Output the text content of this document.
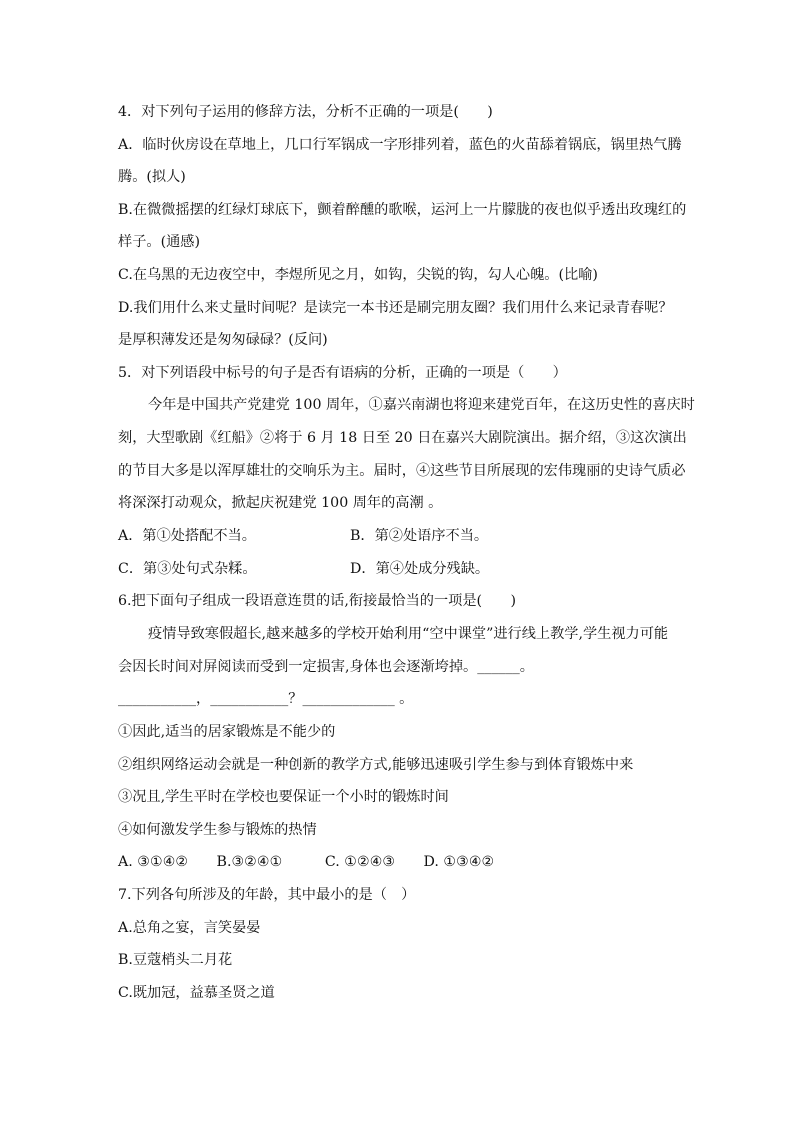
4．对下列句子运用的修辞方法，分析不正确的一项是(　　)
A．临时伙房设在草地上，几口行军锅成一字形排列着，蓝色的火苗舔着锅底，锅里热气腾
腾。(拟人)
B.在微微摇摆的红绿灯球底下，颤着醉醺的歌喉，运河上一片朦胧的夜也似乎透出玫瑰红的
样子。(通感)
C.在乌黑的无边夜空中，李煜所见之月，如钩，尖锐的钩，勾人心魄。(比喻)
D.我们用什么来丈量时间呢？是读完一本书还是刷完朋友圈？我们用什么来记录青春呢？
是厚积薄发还是匆匆碌碌？(反问)
5．对下列语段中标号的句子是否有语病的分析，正确的一项是（　　）
今年是中国共产党建党 100 周年，①嘉兴南湖也将迎来建党百年，在这历史性的喜庆时
刻，大型歌剧《红船》②将于 6 月 18 日至 20 日在嘉兴大剧院演出。据介绍，③这次演出
的节目大多是以浑厚雄壮的交响乐为主。届时，④这些节目所展现的宏伟瑰丽的史诗气质必
将深深打动观众，掀起庆祝建党 100 周年的高潮 。
A．第①处搭配不当。	B．第②处语序不当。
C．第③处句式杂糅。	D．第④处成分残缺。
6.把下面句子组成一段语意连贯的话,衔接最恰当的一项是(　　)
疫情导致寒假超长,越来越多的学校开始利用“空中课堂”进行线上教学,学生视力可能
会因长时间对屏阅读而受到一定损害,身体也会逐渐垮掉。______。
___________，___________？_____________ 。
①因此,适当的居家锻炼是不能少的
②组织网络运动会就是一种创新的教学方式,能够迅速吸引学生参与到体育锻炼中来
③况且,学生平时在学校也要保证一个小时的锻炼时间
④如何激发学生参与锻炼的热情
A. ③①④②　　B.③②④①　　　C. ①②④③　　D. ①③④②
7.下列各句所涉及的年龄，其中最小的是（　）
A.总角之宴，言笑晏晏
B.豆蔻梢头二月花
C.既加冠，益慕圣贤之道
